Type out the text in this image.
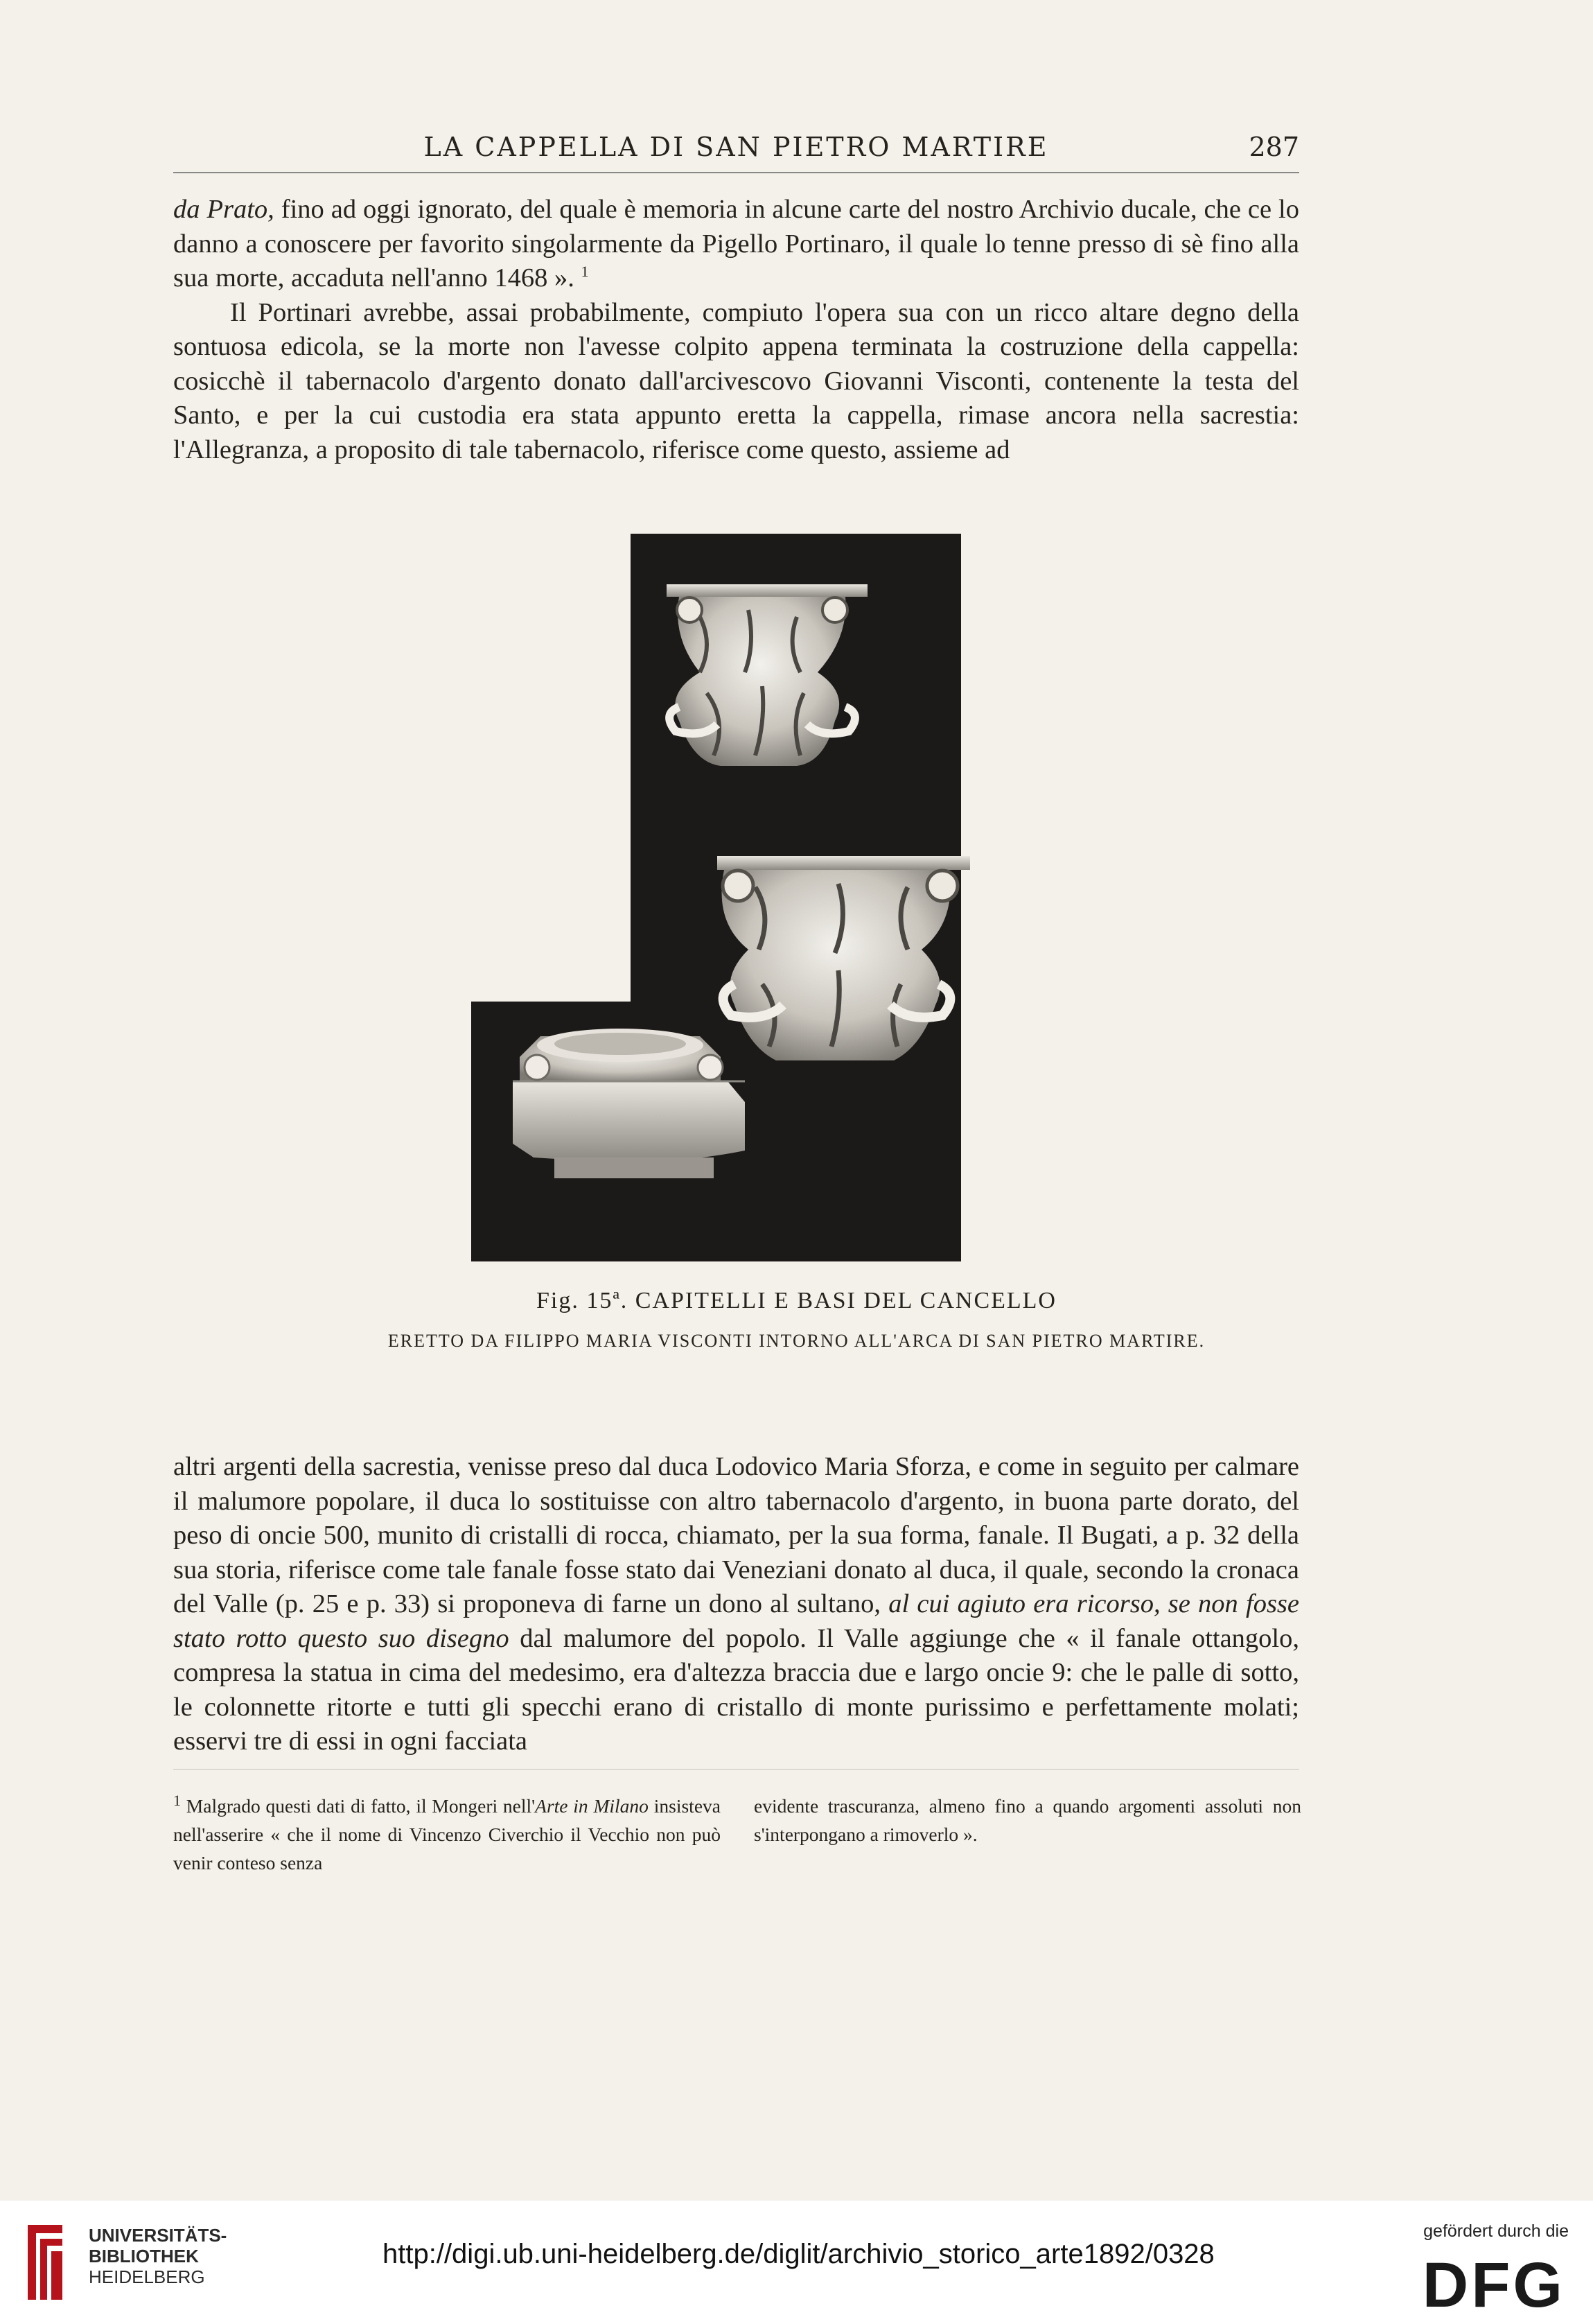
LA CAPPELLA DI SAN PIETRO MARTIRE	287

da Prato, fino ad oggi ignorato, del quale è memoria in alcune carte del nostro Archivio ducale, che ce lo danno a conoscere per favorito singolarmente da Pigello Portinaro, il quale lo tenne presso di sè fino alla sua morte, accaduta nell'anno 1468 ». $^1$

Il Portinari avrebbe, assai probabilmente, compiuto l'opera sua con un ricco altare degno della sontuosa edicola, se la morte non l'avesse colpito appena terminata la costruzione della cappella: cosicchè il tabernacolo d'argento donato dall'arcivescovo Giovanni Visconti, contenente la testa del Santo, e per la cui custodia era stata appunto eretta la cappella, rimase ancora nella sacrestia: l'Allegranza, a proposito di tale tabernacolo, riferisce come questo, assieme ad

Fig. 15ª. CAPITELLI E BASI DEL CANCELLO
ERETTO DA FILIPPO MARIA VISCONTI INTORNO ALL'ARCA DI SAN PIETRO MARTIRE.

altri argenti della sacrestia, venisse preso dal duca Lodovico Maria Sforza, e come in seguito per calmare il malumore popolare, il duca lo sostituisse con altro tabernacolo d'argento, in buona parte dorato, del peso di oncie 500, munito di cristalli di rocca, chiamato, per la sua forma, fanale. Il Bugati, a p. 32 della sua storia, riferisce come tale fanale fosse stato dai Veneziani donato al duca, il quale, secondo la cronaca del Valle (p. 25 e p. 33) si proponeva di farne un dono al sultano, al cui agiuto era ricorso, se non fosse stato rotto questo suo disegno dal malumore del popolo. Il Valle aggiunge che « il fanale ottangolo, compresa la statua in cima del medesimo, era d'altezza braccia due e largo oncie 9: che le palle di sotto, le colonnette ritorte e tutti gli specchi erano di cristallo di monte purissimo e perfettamente molati; esservi tre di essi in ogni facciata

$^1$ Malgrado questi dati di fatto, il Mongeri nell'Arte in Milano insisteva nell'asserire « che il nome di Vincenzo Civerchio il Vecchio non può venir conteso senza

evidente trascuranza, almeno fino a quando argomenti assoluti non s'interpongano a rimoverlo ».

UNIVERSITÄTS-
BIBLIOTHEK
HEIDELBERG
http://digi.ub.uni-heidelberg.de/diglit/archivio_storico_arte1892/0328
gefördert durch die
DFG
